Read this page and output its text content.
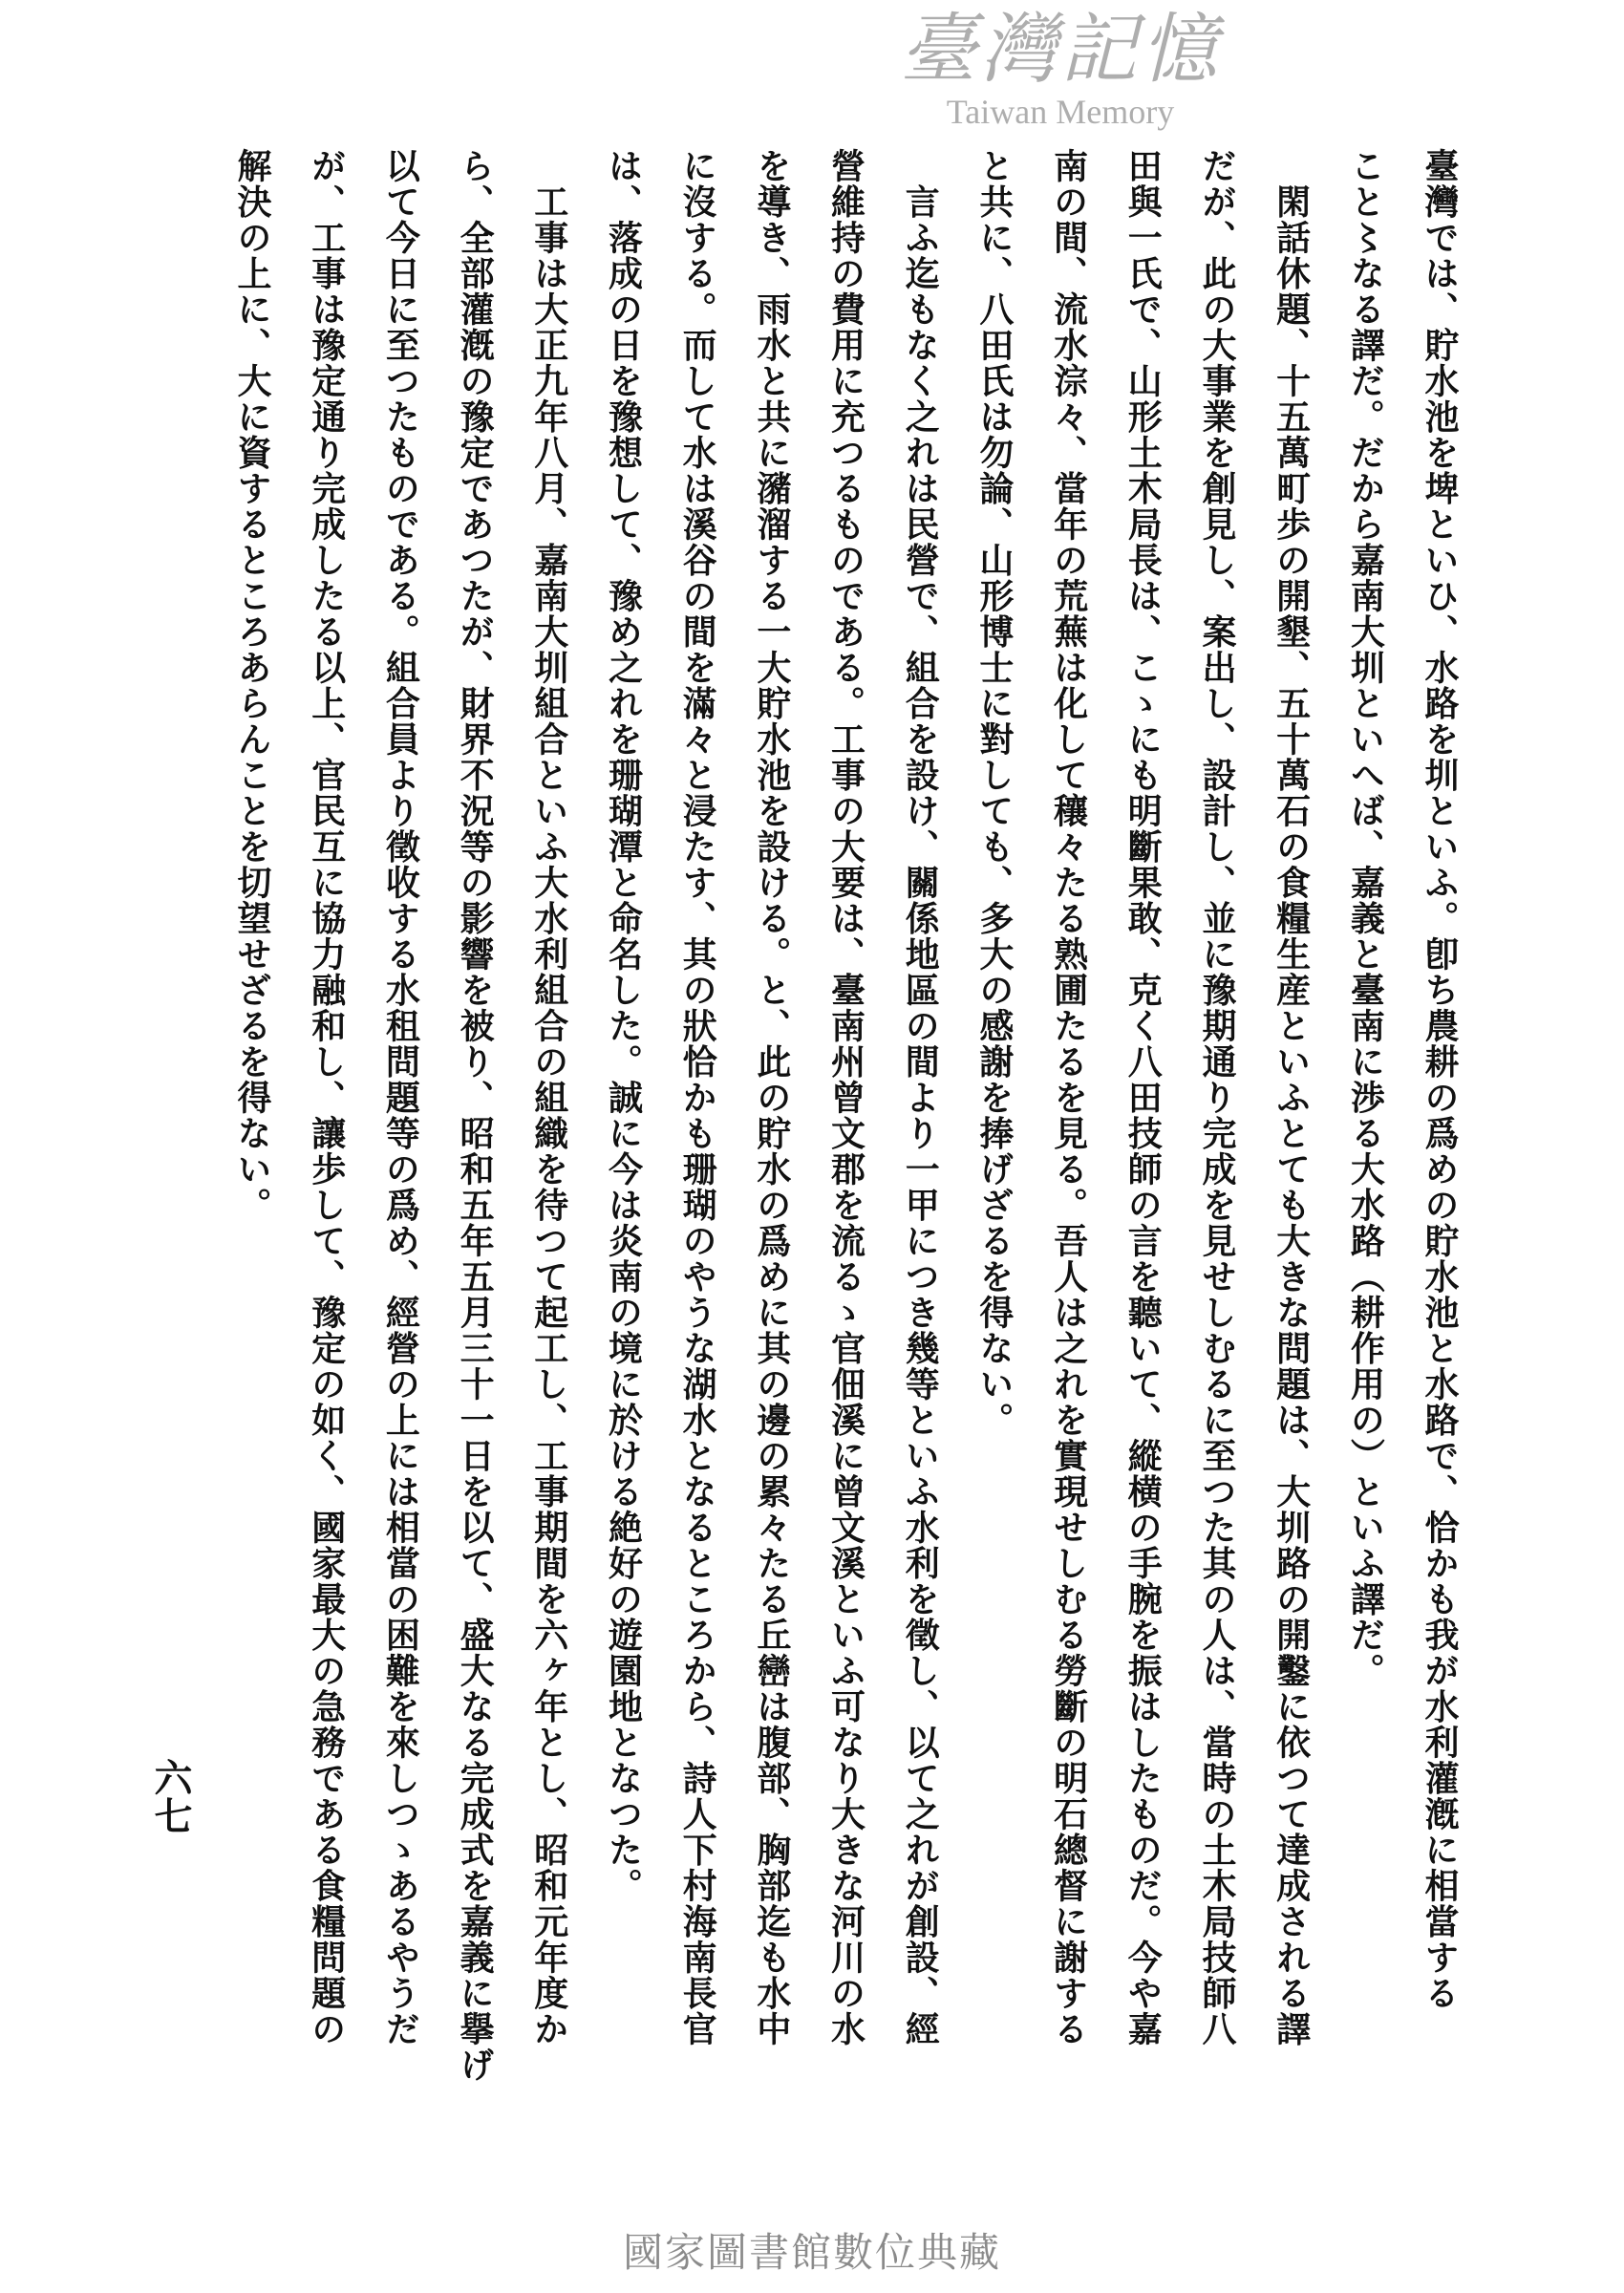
臺灣記憶
Taiwan Memory
臺灣では、貯水池を埤といひ、水路を圳といふ。卽ち農耕の爲めの貯水池と水路で、恰かも我が水利灌漑に相當する
こと〻なる譯だ。だから嘉南大圳といへば、嘉義と臺南に渉る大水路（耕作用の）といふ譯だ。
　閑話休題、十五萬町歩の開墾、五十萬石の食糧生産といふとても大きな問題は、大圳路の開鑿に依つて達成される譯
だが、此の大事業を創見し、案出し、設計し、並に豫期通り完成を見せしむるに至つた其の人は、當時の土木局技師八
田與一氏で、山形土木局長は、こゝにも明斷果敢、克く八田技師の言を聽いて、縱横の手腕を振はしたものだ。今や嘉
南の間、流水淙々、當年の荒蕪は化して穰々たる熟圃たるを見る。吾人は之れを實現せしむる勞斷の明石總督に謝する
と共に、八田氏は勿論、山形博士に對しても、多大の感謝を捧げざるを得ない。
　言ふ迄もなく之れは民營で、組合を設け、關係地區の間より一甲につき幾等といふ水利を徵し、以て之れが創設、經
營維持の費用に充つるものである。工事の大要は、臺南州曾文郡を流るゝ官佃溪に曾文溪といふ可なり大きな河川の水
を導き、雨水と共に瀦溜する一大貯水池を設ける。と、此の貯水の爲めに其の邊の累々たる丘巒は腹部、胸部迄も水中
に沒する。而して水は溪谷の間を滿々と浸たす、其の狀恰かも珊瑚のやうな湖水となるところから、詩人下村海南長官
は、落成の日を豫想して、豫め之れを珊瑚潭と命名した。誠に今は炎南の境に於ける絶好の遊園地となつた。
　工事は大正九年八月、嘉南大圳組合といふ大水利組合の組織を待つて起工し、工事期間を六ヶ年とし、昭和元年度か
ら、全部灌漑の豫定であつたが、財界不況等の影響を被り、昭和五年五月三十一日を以て、盛大なる完成式を嘉義に擧げ
以て今日に至つたものである。組合員より徵收する水租問題等の爲め、經營の上には相當の困難を來しつゝあるやうだ
が、工事は豫定通り完成したる以上、官民互に協力融和し、讓歩して、豫定の如く、國家最大の急務である食糧問題の
解決の上に、大に資するところあらんことを切望せざるを得ない。
六七
國家圖書館數位典藏
